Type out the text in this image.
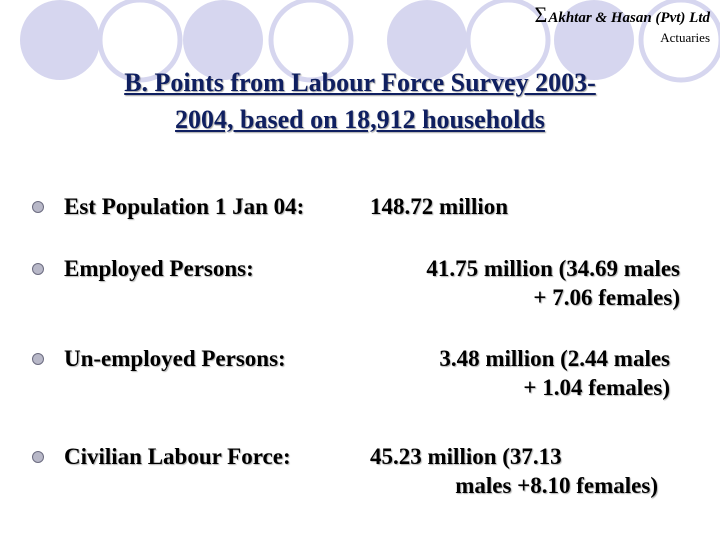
ΣAkhtar & Hasan (Pvt) Ltd
Actuaries
B. Points from Labour Force Survey 2003-
2004, based on 18,912 households
Est Population 1 Jan 04:	148.72 million
Employed Persons:	41.75 million (34.69 males
+ 7.06 females)
Un-employed Persons:	3.48 million (2.44 males
+ 1.04 females)
Civilian Labour Force:	45.23 million (37.13
males +8.10 females)
